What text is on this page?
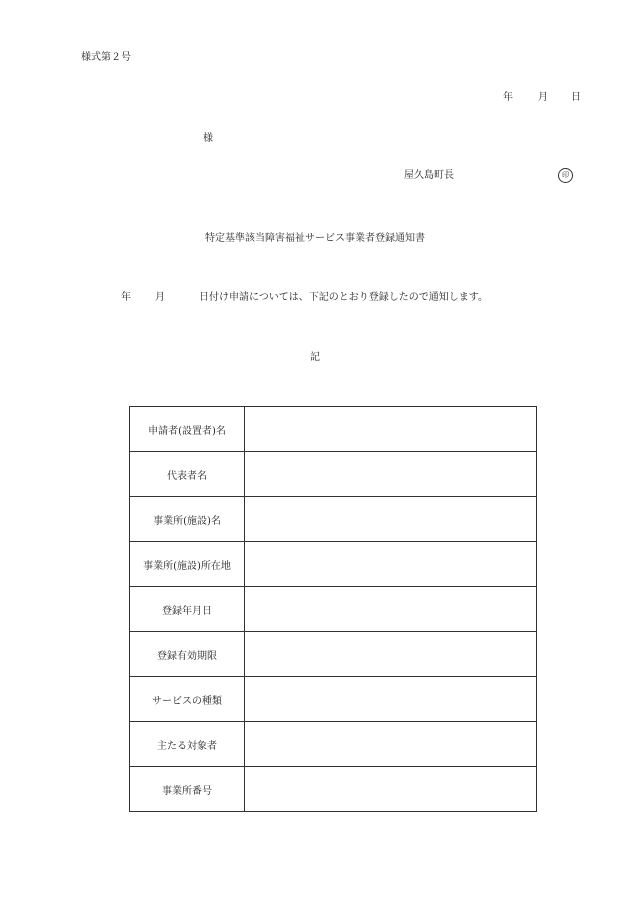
様式第２号
年	月 日
様
屋久島町長	印
特定基準該当障害福祉サービス事業者登録通知書
年 月	日付け申請については、下記のとおり登録したので通知します。
記
申請者(設置者)名	
代表者名	
事業所(施設)名	
事業所(施設)所在地	
登録年月日	
登録有効期限	
サービスの種類	
主たる対象者	
事業所番号	
